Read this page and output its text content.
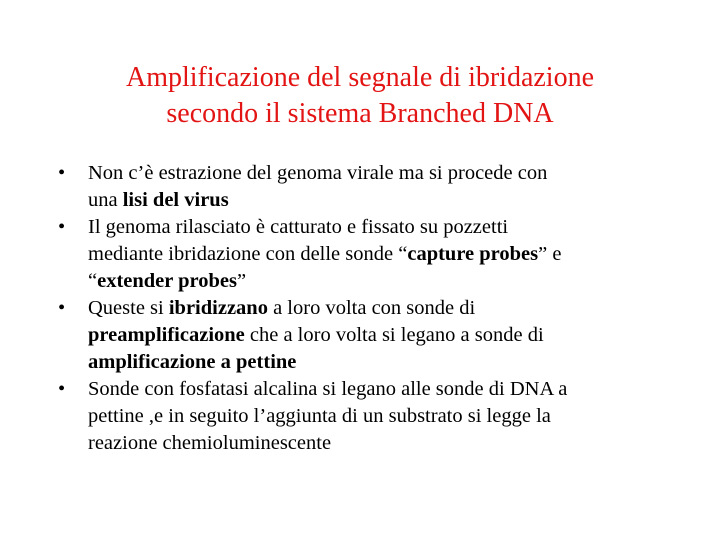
Amplificazione del segnale di ibridazione
secondo il sistema Branched DNA
•	Non c’è estrazione del genoma virale ma si procede con
una lisi del virus
•	Il genoma rilasciato è catturato e fissato su pozzetti
mediante ibridazione con delle sonde “capture probes” e
“extender probes”
•	Queste si ibridizzano a loro volta con sonde di
preamplificazione che a loro volta si legano a sonde di
amplificazione a pettine
•	Sonde con fosfatasi alcalina si legano alle sonde di DNA a
pettine ,e in seguito l’aggiunta di un substrato si legge la
reazione chemioluminescente
